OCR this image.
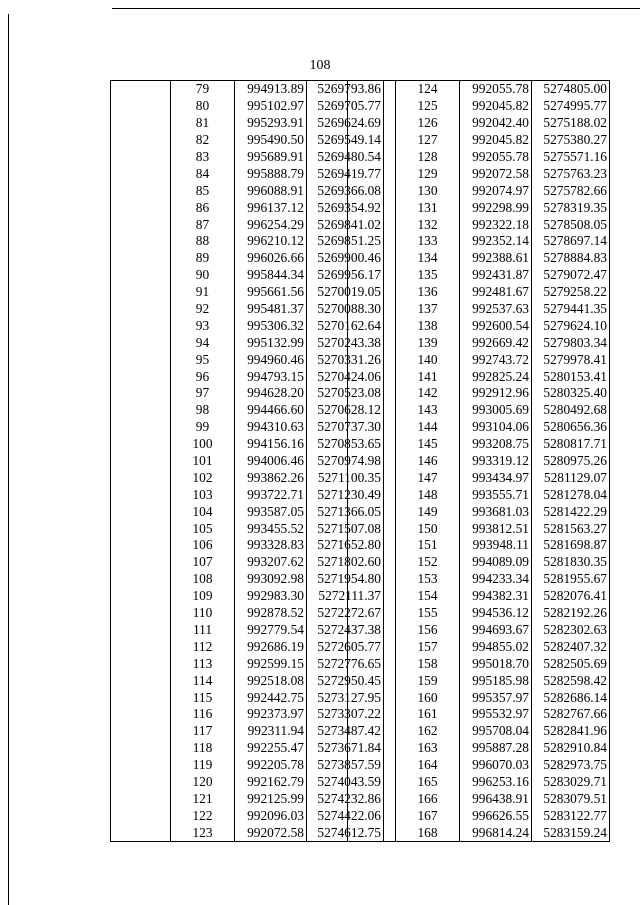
108
	79	994913.89	5269793.86
	80	995102.97	5269705.77
	81	995293.91	5269624.69
	82	995490.50	5269549.14
	83	995689.91	5269480.54
	84	995888.79	5269419.77
	85	996088.91	5269366.08
	86	996137.12	5269354.92
	87	996254.29	5269841.02
	88	996210.12	5269851.25
	89	996026.66	5269900.46
	90	995844.34	5269956.17
	91	995661.56	5270019.05
	92	995481.37	5270088.30
	93	995306.32	5270162.64
	94	995132.99	5270243.38
	95	994960.46	5270331.26
	96	994793.15	5270424.06
	97	994628.20	5270523.08
	98	994466.60	5270628.12
	99	994310.63	5270737.30
	100	994156.16	5270853.65
	101	994006.46	5270974.98
	102	993862.26	5271100.35
	103	993722.71	5271230.49
	104	993587.05	5271366.05
	105	993455.52	5271507.08
	106	993328.83	5271652.80
	107	993207.62	5271802.60
	108	993092.98	5271954.80
	109	992983.30	5272111.37
	110	992878.52	5272272.67
	111	992779.54	5272437.38
	112	992686.19	5272605.77
	113	992599.15	5272776.65
	114	992518.08	5272950.45
	115	992442.75	5273127.95
	116	992373.97	5273307.22
	117	992311.94	5273487.42
	118	992255.47	5273671.84
	119	992205.78	5273857.59
	120	992162.79	5274043.59
	121	992125.99	5274232.86
	122	992096.03	5274422.06
	123	992072.58	5274612.75
	124	992055.78	5274805.00
	125	992045.82	5274995.77
	126	992042.40	5275188.02
	127	992045.82	5275380.27
	128	992055.78	5275571.16
	129	992072.58	5275763.23
	130	992074.97	5275782.66
	131	992298.99	5278319.35
	132	992322.18	5278508.05
	133	992352.14	5278697.14
	134	992388.61	5278884.83
	135	992431.87	5279072.47
	136	992481.67	5279258.22
	137	992537.63	5279441.35
	138	992600.54	5279624.10
	139	992669.42	5279803.34
	140	992743.72	5279978.41
	141	992825.24	5280153.41
	142	992912.96	5280325.40
	143	993005.69	5280492.68
	144	993104.06	5280656.36
	145	993208.75	5280817.71
	146	993319.12	5280975.26
	147	993434.97	5281129.07
	148	993555.71	5281278.04
	149	993681.03	5281422.29
	150	993812.51	5281563.27
	151	993948.11	5281698.87
	152	994089.09	5281830.35
	153	994233.34	5281955.67
	154	994382.31	5282076.41
	155	994536.12	5282192.26
	156	994693.67	5282302.63
	157	994855.02	5282407.32
	158	995018.70	5282505.69
	159	995185.98	5282598.42
	160	995357.97	5282686.14
	161	995532.97	5282767.66
	162	995708.04	5282841.96
	163	995887.28	5282910.84
	164	996070.03	5282973.75
	165	996253.16	5283029.71
	166	996438.91	5283079.51
	167	996626.55	5283122.77
	168	996814.24	5283159.24
